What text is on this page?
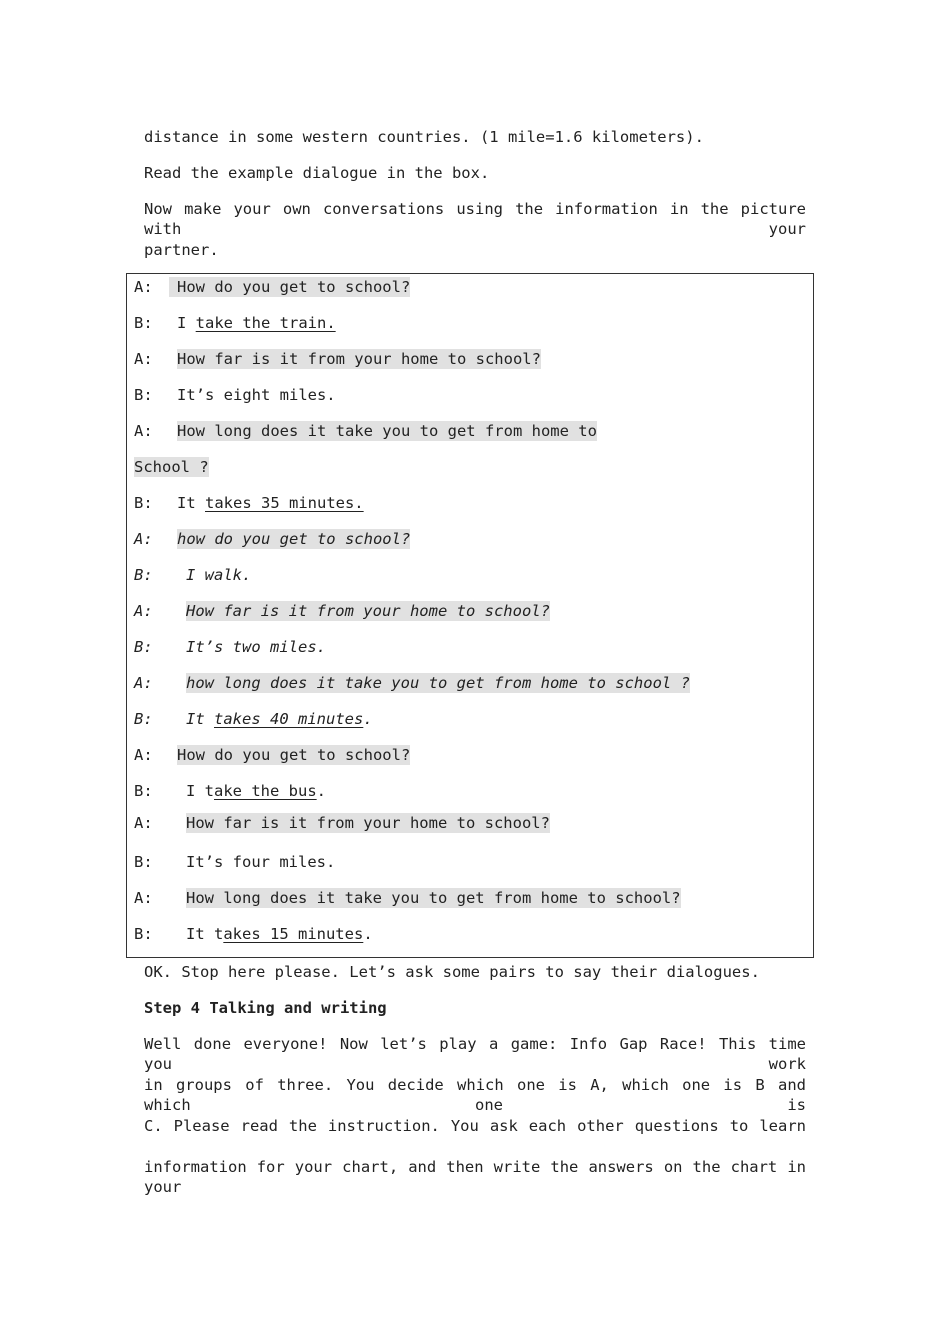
distance in some western countries. (1 mile=1.6 kilometers).
Read the example dialogue in the box.
Now make your own conversations using the information in the picture with your
partner.
A:	How do you get to school?
B: I take the train.
A: How far is it from your home to school?
B: It’s eight miles.
A: How long does it take you to get from home to
School ?
B: It takes 35 minutes.
A: how do you get to school?
B: I walk.
A: How far is it from your home to school?
B: It’s two miles.
A: how long does it take you to get from home to school ?
B: It takes 40 minutes.
A: How do you get to school?
B: I take the bus.
A: How far is it from your home to school?
B: It’s four miles.
A: How long does it take you to get from home to school?
B: It takes 15 minutes.
OK. Stop here please. Let’s ask some pairs to say their dialogues.
Step 4 Talking and writing
Well done everyone! Now let’s play a game: Info Gap Race! This time you work
in groups of three. You decide which one is A, which one is B and which one is
C. Please read the instruction. You ask each other questions to learn
information for your chart, and then write the answers on the chart in your
